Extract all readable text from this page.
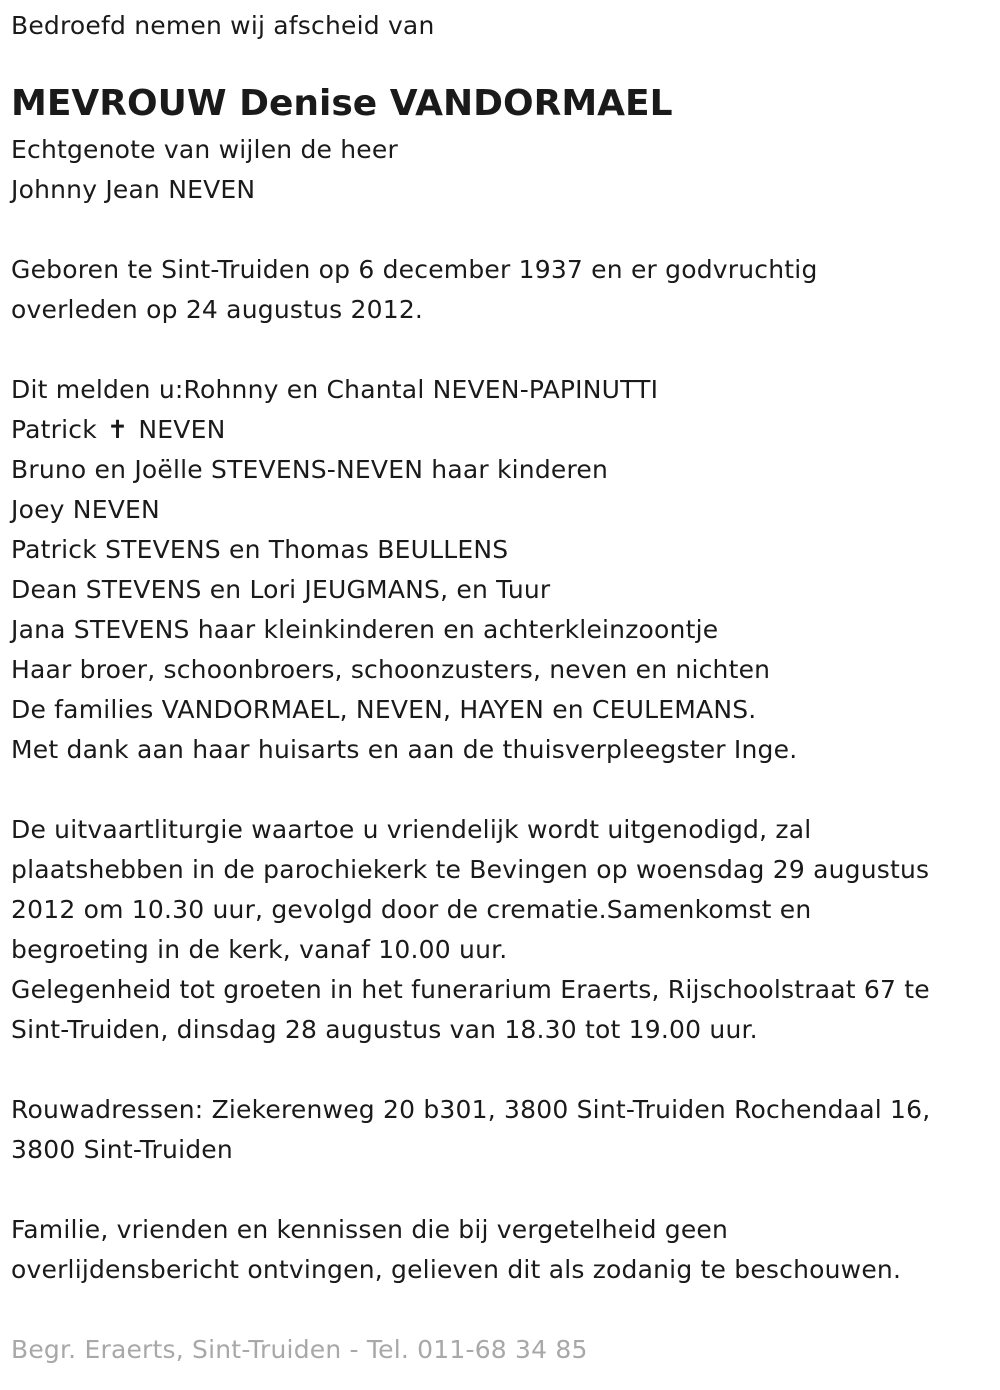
Bedroefd nemen wij afscheid van
MEVROUW Denise VANDORMAEL
Echtgenote van wijlen de heer
Johnny Jean NEVEN
Geboren te Sint-Truiden op 6 december 1937 en er godvruchtig
overleden op 24 augustus 2012.
Dit melden u:Rohnny en Chantal NEVEN-PAPINUTTI
Patrick ✝ NEVEN
Bruno en Joëlle STEVENS-NEVEN haar kinderen
Joey NEVEN
Patrick STEVENS en Thomas BEULLENS
Dean STEVENS en Lori JEUGMANS, en Tuur
Jana STEVENS haar kleinkinderen en achterkleinzoontje
Haar broer, schoonbroers, schoonzusters, neven en nichten
De families VANDORMAEL, NEVEN, HAYEN en CEULEMANS.
Met dank aan haar huisarts en aan de thuisverpleegster Inge.
De uitvaartliturgie waartoe u vriendelijk wordt uitgenodigd, zal
plaatshebben in de parochiekerk te Bevingen op woensdag 29 augustus
2012 om 10.30 uur, gevolgd door de crematie.Samenkomst en
begroeting in de kerk, vanaf 10.00 uur.
Gelegenheid tot groeten in het funerarium Eraerts, Rijschoolstraat 67 te
Sint-Truiden, dinsdag 28 augustus van 18.30 tot 19.00 uur.
Rouwadressen: Ziekerenweg 20 b301, 3800 Sint-Truiden Rochendaal 16,
3800 Sint-Truiden
Familie, vrienden en kennissen die bij vergetelheid geen
overlijdensbericht ontvingen, gelieven dit als zodanig te beschouwen.
Begr. Eraerts, Sint-Truiden - Tel. 011-68 34 85
